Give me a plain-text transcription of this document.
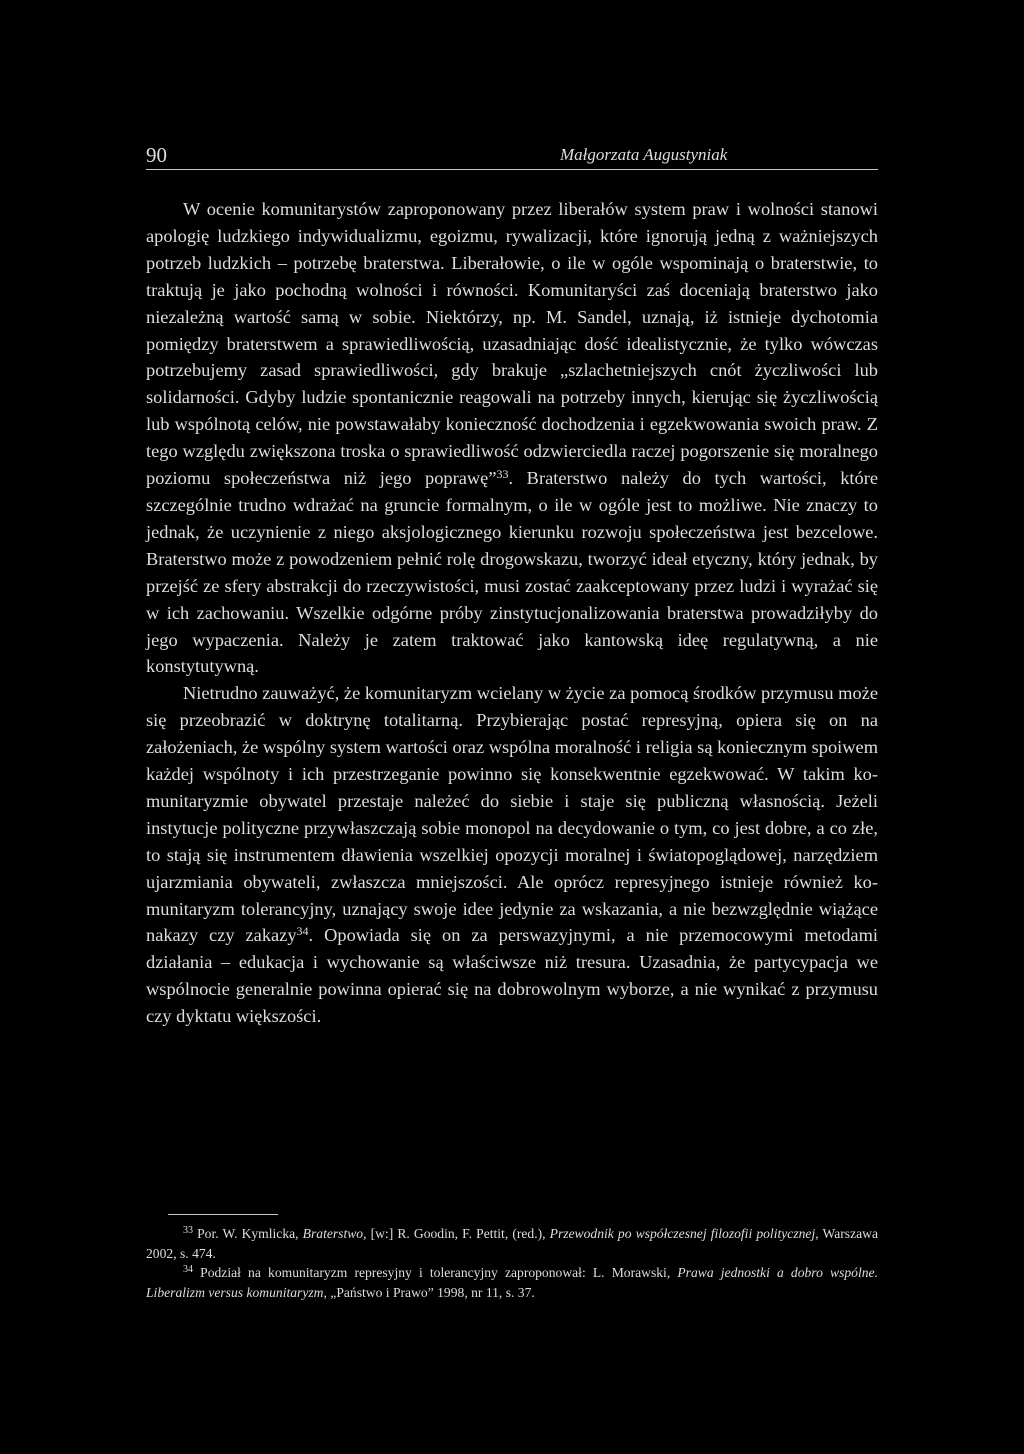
90	Małgorzata Augustyniak

W ocenie komunitarystów zaproponowany przez liberałów system praw i wolności stanowi apologię ludzkiego indywidualizmu, egoizmu, rywalizacji, które ignorują jedną z ważniejszych potrzeb ludzkich – potrzebę braterstwa. Liberałowie, o ile w ogóle wspominają o braterstwie, to traktują je jako pochodną wolności i równości. Komunitaryści zaś doceniają braterstwo jako niezależną wartość samą w sobie. Niektórzy, np. M. Sandel, uznają, iż istnieje dychotomia pomiędzy braterstwem a sprawiedliwością, uzasadniając dość idealistycznie, że tylko wówczas potrzebujemy zasad sprawiedliwości, gdy brakuje „szlachetniejszych cnót życzliwości lub solidarności. Gdyby ludzie spontanicznie reagowali na potrzeby innych, kierując się życzliwością lub wspólnotą celów, nie powstawałaby konieczność dochodzenia i egzekwowania swoich praw. Z tego względu zwiększona troska o sprawiedliwość odzwierciedla raczej pogorszenie się moralnego poziomu społeczeństwa niż jego poprawę”$^{33}$. Braterstwo należy do tych wartości, które szczególnie trudno wdrażać na gruncie formalnym, o ile w ogóle jest to możliwe. Nie znaczy to jednak, że uczynienie z niego aksjologicznego kierunku rozwoju społeczeństwa jest bezcelowe. Braterstwo może z powodzeniem pełnić rolę drogowskazu, tworzyć ideał etyczny, który jednak, by przejść ze sfery abstrakcji do rzeczywistości, musi zostać zaakceptowany przez ludzi i wyrażać się w ich zachowaniu. Wszelkie odgórne próby zinstytucjonalizowania braterstwa prowadziłyby do jego wypaczenia. Należy je zatem traktować jako kantowską ideę regulatywną, a nie konstytutywną.

Nietrudno zauważyć, że komunitaryzm wcielany w życie za pomocą środków przymusu może się przeobrazić w doktrynę totalitarną. Przybierając postać represyjną, opiera się on na założeniach, że wspólny system wartości oraz wspólna moralność i religia są koniecznym spoiwem każdej wspólnoty i ich przestrzeganie powinno się konsekwentnie egzekwować. W takim komunitaryzmie obywatel przestaje należeć do siebie i staje się publiczną własnością. Jeżeli instytucje polityczne przywłaszczają sobie monopol na decydowanie o tym, co jest dobre, a co złe, to stają się instrumentem dławienia wszelkiej opozycji moralnej i światopoglądowej, narzędziem ujarzmiania obywateli, zwłaszcza mniejszości. Ale oprócz represyjnego istnieje również komunitaryzm tolerancyjny, uznający swoje idee jedynie za wskazania, a nie bezwzględnie wiążące nakazy czy zakazy$^{34}$. Opowiada się on za perswazyjnymi, a nie przemocowymi metodami działania – edukacja i wychowanie są właściwsze niż tresura. Uzasadnia, że partycypacja we wspólnocie generalnie powinna opierać się na dobrowolnym wyborze, a nie wynikać z przymusu czy dyktatu większości.

$^{33}$ Por. W. Kymlicka, Braterstwo, [w:] R. Goodin, F. Pettit, (red.), Przewodnik po współczesnej filozofii politycznej, Warszawa 2002, s. 474.

$^{34}$ Podział na komunitaryzm represyjny i tolerancyjny zaproponował: L. Morawski, Prawa jednostki a dobro wspólne. Liberalizm versus komunitaryzm, „Państwo i Prawo” 1998, nr 11, s. 37.
